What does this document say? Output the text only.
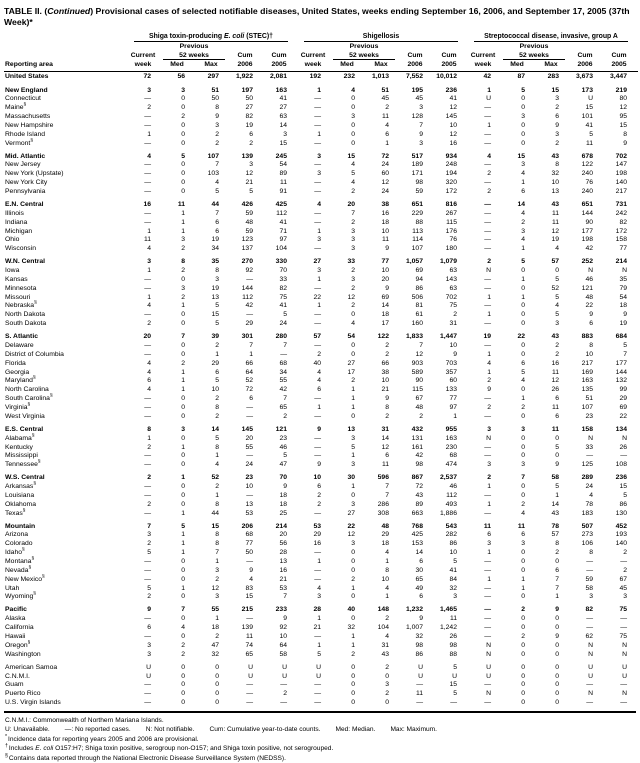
TABLE II. (Continued) Provisional cases of selected notifiable diseases, United States, weeks ending September 16, 2006, and September 17, 2005 (37th Week)*
Shiga toxin-producing E. coli (STEC)†	Shigellosis	Streptococcal disease, invasive, group A
Previous	Previous	Previous
Current	52 weeks	Cum	Cum	Current	52 weeks	Cum	Cum	Current	52 weeks	Cum	Cum
Reporting area	week	Med	Max	2006	2005	week	Med	Max	2006	2005	week	Med	Max	2006	2005
United States	72	56	297	1,922	2,081	192	232	1,013	7,552	10,012	42	87	283	3,673	3,447
New England	3	3	51	197	163	1	4	51	195	236	1	5	15	173	219
Connecticut	—	0	50	50	41	—	0	45	45	41	U	0	3	U	80
Maine§	2	0	8	27	27	—	0	2	3	12	—	0	2	15	12
Massachusetts	—	2	9	82	63	—	3	11	128	145	—	3	6	101	95
New Hampshire	—	0	3	19	14	—	0	4	7	10	1	0	9	41	15
Rhode Island	1	0	2	6	3	1	0	6	9	12	—	0	3	5	8
Vermont§	—	0	2	2	15	—	0	1	3	16	—	0	2	11	9
Mid. Atlantic	4	5	107	139	245	3	15	72	517	934	4	15	43	678	702
New Jersey	—	0	7	3	54	—	4	24	189	248	—	3	8	122	147
New York (Upstate)	—	0	103	12	89	3	5	60	171	194	2	4	32	240	198
New York City	—	0	4	21	11	—	4	12	98	320	—	1	10	76	140
Pennsylvania	—	0	5	5	91	—	2	24	59	172	2	6	13	240	217
E.N. Central	16	11	44	426	425	4	20	38	651	816	—	14	43	651	731
Illinois	—	1	7	59	112	—	7	16	229	267	—	4	11	144	242
Indiana	—	1	6	48	41	—	2	18	88	115	—	2	11	90	82
Michigan	1	1	6	59	71	1	3	10	113	176	—	3	12	177	172
Ohio	11	3	19	123	97	3	3	11	114	76	—	4	19	198	158
Wisconsin	4	2	34	137	104	—	3	9	107	180	—	1	4	42	77
W.N. Central	3	8	35	270	330	27	33	77	1,057	1,079	2	5	57	252	214
Iowa	1	2	8	92	70	3	2	10	69	63	N	0	0	N	N
Kansas	—	0	3	—	33	1	3	20	94	143	—	1	5	46	35
Minnesota	—	3	19	144	82	—	2	9	86	63	—	0	52	121	79
Missouri	1	2	13	112	75	22	12	69	506	702	1	1	5	48	54
Nebraska§	4	1	5	42	41	1	2	14	81	75	—	0	4	22	18
North Dakota	—	0	15	—	5	—	0	18	61	2	1	0	5	9	9
South Dakota	2	0	5	29	24	—	4	17	160	31	—	0	3	6	19
S. Atlantic	20	7	39	301	280	57	54	122	1,833	1,447	19	22	43	883	684
Delaware	—	0	2	7	7	—	0	2	7	10	—	0	2	8	5
District of Columbia	—	0	1	1	—	2	0	2	12	9	1	0	2	10	7
Florida	4	2	29	66	68	40	27	66	903	703	4	6	16	217	177
Georgia	4	1	6	64	34	4	17	38	589	357	1	5	11	169	144
Maryland§	6	1	5	52	55	4	2	10	90	60	2	4	12	163	132
North Carolina	4	1	10	72	42	6	1	21	115	133	9	0	26	135	99
South Carolina§	—	0	2	6	7	—	1	9	67	77	—	1	6	51	29
Virginia§	—	0	8	—	65	1	1	8	48	97	2	2	11	107	69
West Virginia	—	0	2	—	2	—	0	2	2	1	—	0	6	23	22
E.S. Central	8	3	14	145	121	9	13	31	432	955	3	3	11	158	134
Alabama§	1	0	5	20	23	—	3	14	131	163	N	0	0	N	N
Kentucky	2	1	8	55	46	—	5	12	161	230	—	0	5	33	26
Mississippi	—	0	1	—	5	—	1	6	42	68	—	0	0	—	—
Tennessee§	—	0	4	24	47	9	3	11	98	474	3	3	9	125	108
W.S. Central	2	1	52	23	70	10	30	596	867	2,537	2	7	58	289	236
Arkansas§	—	0	2	10	9	6	1	7	72	46	1	0	5	24	15
Louisiana	—	0	1	—	18	2	0	7	43	112	—	0	1	4	5
Oklahoma	2	0	8	13	18	2	3	286	89	493	1	2	14	78	86
Texas§	—	1	44	53	25	—	27	308	663	1,886	—	4	43	183	130
Mountain	7	5	15	206	214	53	22	48	768	543	11	11	78	507	452
Arizona	3	1	8	68	20	29	12	29	425	282	6	6	57	273	193
Colorado	2	1	8	77	56	16	3	18	153	86	3	3	8	106	140
Idaho§	5	1	7	50	28	—	0	4	14	10	1	0	2	8	2
Montana§	—	0	1	—	13	1	0	1	6	5	—	0	0	—	—
Nevada§	—	0	3	9	16	—	0	8	30	41	—	0	6	—	2
New Mexico§	—	0	2	4	21	—	2	10	65	84	1	1	7	59	67
Utah	5	1	12	83	53	4	1	4	49	32	—	1	7	58	45
Wyoming§	2	0	3	15	7	3	0	1	6	3	—	0	1	3	3
Pacific	9	7	55	215	233	28	40	148	1,232	1,465	—	2	9	82	75
Alaska	—	0	1	—	9	1	0	2	9	11	—	0	0	—	—
California	6	4	18	139	92	21	32	104	1,007	1,242	—	0	0	—	—
Hawaii	—	0	2	11	10	—	1	4	32	26	—	2	9	62	75
Oregon§	3	2	47	74	64	1	1	31	98	98	N	0	0	N	N
Washington	3	2	32	65	58	5	2	43	86	88	N	0	0	N	N
American Samoa	U	0	0	U	U	U	0	2	U	5	U	0	0	U	U
C.N.M.I.	U	0	0	U	U	U	0	0	U	U	U	0	0	U	U
Guam	—	0	0	—	—	—	0	3	—	15	—	0	0	—	—
Puerto Rico	—	0	0	—	2	—	0	2	11	5	N	0	0	N	N
U.S. Virgin Islands	—	0	0	—	—	—	0	0	—	—	—	0	0	—	—
C.N.M.I.: Commonwealth of Northern Mariana Islands.
U: Unavailable. —: No reported cases. N: Not notifiable. Cum: Cumulative year-to-date counts. Med: Median. Max: Maximum.
*Incidence data for reporting years 2005 and 2006 are provisional.
†Includes E. coli O157:H7; Shiga toxin positive, serogroup non-O157; and Shiga toxin positive, not serogrouped.
§Contains data reported through the National Electronic Disease Surveillance System (NEDSS).
